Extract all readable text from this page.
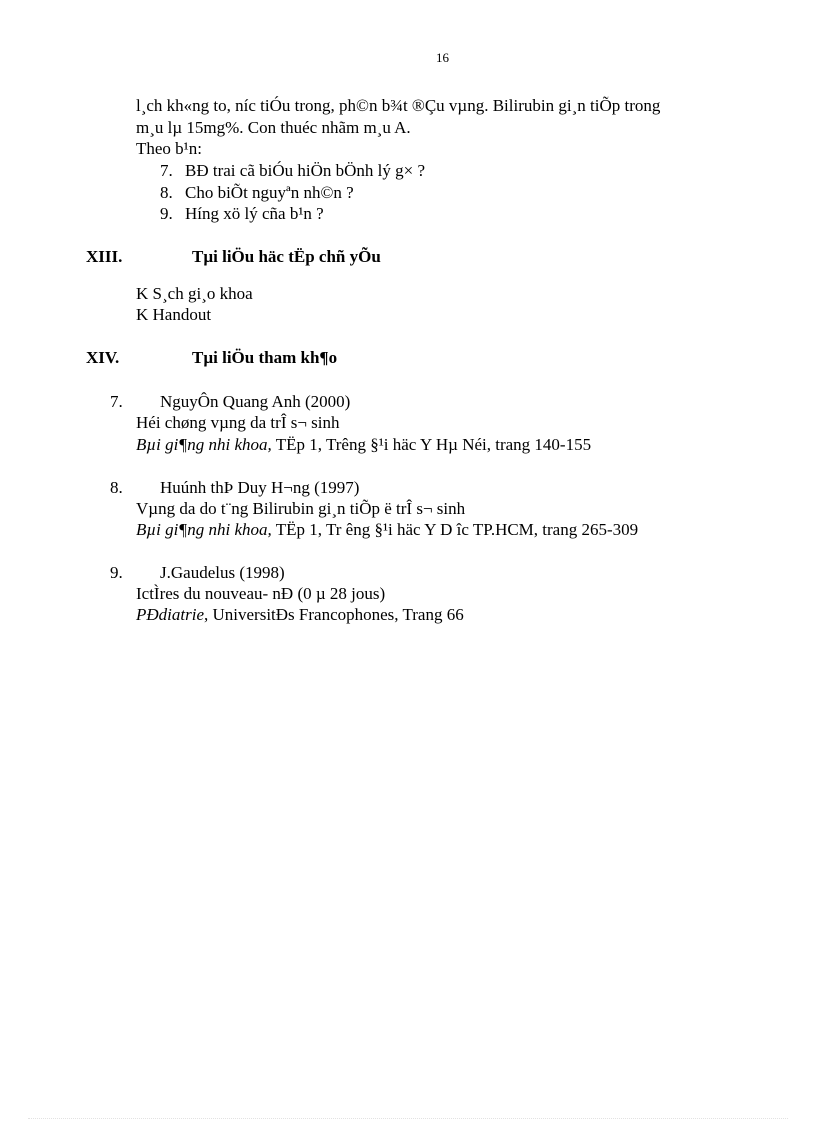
16
l¸ch kh«ng to, níc tiÓu trong, ph©n b¾t ®Çu vµng. Bilirubin gi¸n tiÕp trong
m¸u lµ 15mg%. Con thuéc nhãm m¸u A.
Theo b¹n:
7. BÐ trai cã biÓu hiÖn bÖnh lý g× ?
8. Cho biÕt nguyªn nh©n ?
9. Híng xö lý cña b¹n ?
XIII.	Tµi liÖu häc tËp chñ yÕu
K S¸ch gi¸o khoa
K Handout
XIV.	Tµi liÖu tham kh¶o
7. NguyÔn Quang Anh (2000)
Héi chøng vµng da trÎ s¬ sinh
Bµi gi¶ng nhi khoa, TËp 1, Trêng §¹i häc Y Hµ Néi, trang 140-155
8. Huúnh thÞ Duy H¬ng (1997)
Vµng da do t¨ng Bilirubin gi¸n tiÕp ë trÎ s¬ sinh
Bµi gi¶ng nhi khoa, TËp 1, Tr êng §¹i häc Y D îc TP.HCM, trang 265-309
9. J.Gaudelus (1998)
IctÌres du nouveau- nÐ (0 µ 28 jous)
PÐdiatrie, UniversitÐs Francophones, Trang 66
